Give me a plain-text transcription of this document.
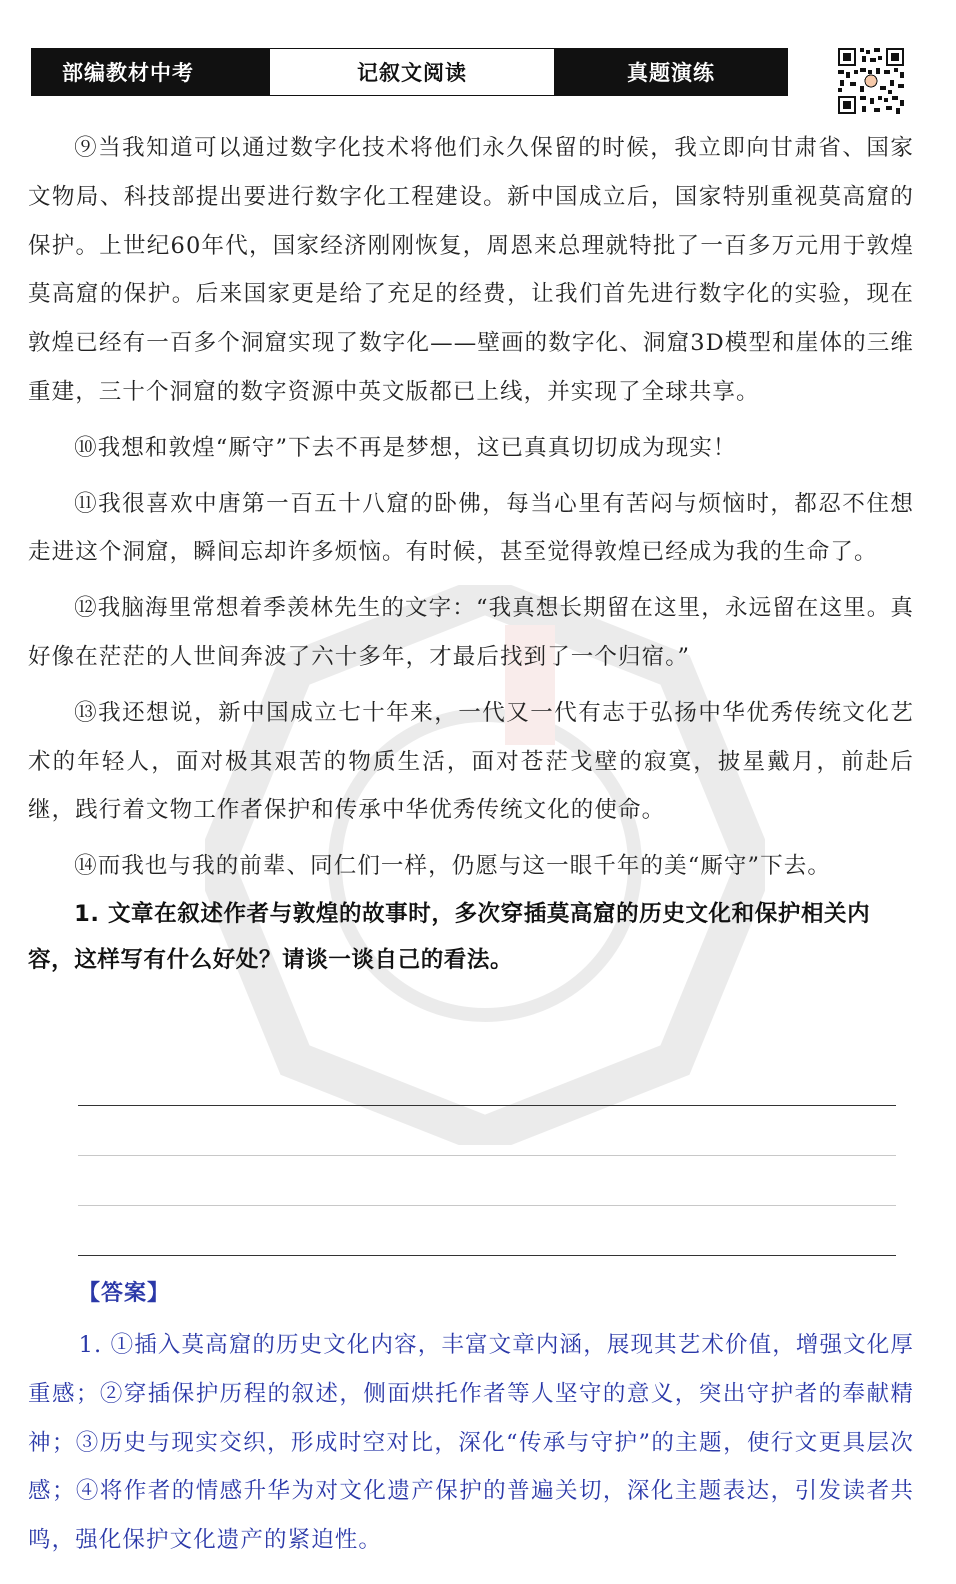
部编教材中考	记叙文阅读	真题演练

⑨当我知道可以通过数字化技术将他们永久保留的时候，我立即向甘肃省、国家文物局、科技部提出要进行数字化工程建设。新中国成立后，国家特别重视莫高窟的保护。上世纪60年代，国家经济刚刚恢复，周恩来总理就特批了一百多万元用于敦煌莫高窟的保护。后来国家更是给了充足的经费，让我们首先进行数字化的实验，现在敦煌已经有一百多个洞窟实现了数字化——壁画的数字化、洞窟3D模型和崖体的三维重建，三十个洞窟的数字资源中英文版都已上线，并实现了全球共享。

⑩我想和敦煌“厮守”下去不再是梦想，这已真真切切成为现实！

⑪我很喜欢中唐第一百五十八窟的卧佛，每当心里有苦闷与烦恼时，都忍不住想走进这个洞窟，瞬间忘却许多烦恼。有时候，甚至觉得敦煌已经成为我的生命了。

⑫我脑海里常想着季羡林先生的文字：“我真想长期留在这里，永远留在这里。真好像在茫茫的人世间奔波了六十多年，才最后找到了一个归宿。”

⑬我还想说，新中国成立七十年来，一代又一代有志于弘扬中华优秀传统文化艺术的年轻人，面对极其艰苦的物质生活，面对苍茫戈壁的寂寞，披星戴月，前赴后继，践行着文物工作者保护和传承中华优秀传统文化的使命。

⑭而我也与我的前辈、同仁们一样，仍愿与这一眼千年的美“厮守”下去。

1. 文章在叙述作者与敦煌的故事时，多次穿插莫高窟的历史文化和保护相关内容，这样写有什么好处？请谈一谈自己的看法。

【答案】

1. ①插入莫高窟的历史文化内容，丰富文章内涵，展现其艺术价值，增强文化厚重感；②穿插保护历程的叙述，侧面烘托作者等人坚守的意义，突出守护者的奉献精神；③历史与现实交织，形成时空对比，深化“传承与守护”的主题，使行文更具层次感；④将作者的情感升华为对文化遗产保护的普遍关切，深化主题表达，引发读者共鸣，强化保护文化遗产的紧迫性。
